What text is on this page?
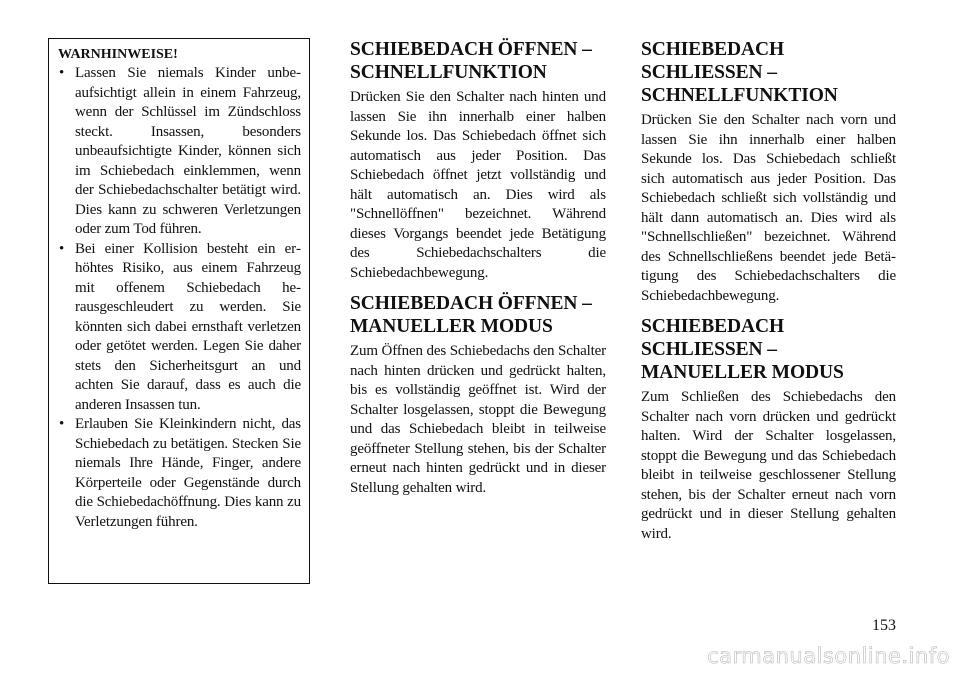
WARNHINWEISE!

• Lassen Sie niemals Kinder unbeaufsichtigt allein in einem Fahrzeug, wenn der Schlüssel im Zündschloss steckt. Insassen, besonders unbeaufsichtigte Kinder, können sich im Schiebedach einklemmen, wenn der Schiebedachschalter betätigt wird. Dies kann zu schweren Verletzungen oder zum Tod führen.
• Bei einer Kollision besteht ein erhöhtes Risiko, aus einem Fahrzeug mit offenem Schiebedach herausgeschleudert zu werden. Sie könnten sich dabei ernsthaft verletzen oder getötet werden. Legen Sie daher stets den Sicherheitsgurt an und achten Sie darauf, dass es auch die anderen Insassen tun.
• Erlauben Sie Kleinkindern nicht, das Schiebedach zu betätigen. Stecken Sie niemals Ihre Hände, Finger, andere Körperteile oder Gegenstände durch die Schiebedachöffnung. Dies kann zu Verletzungen führen.
SCHIEBEDACH ÖFFNEN – SCHNELLFUNKTION

Drücken Sie den Schalter nach hinten und lassen Sie ihn innerhalb einer halben Sekunde los. Das Schiebedach öffnet sich automatisch aus jeder Position. Das Schiebedach öffnet jetzt vollständig und hält automatisch an. Dies wird als "Schnellöffnen" bezeichnet. Während dieses Vorgangs beendet jede Betätigung des Schiebedachschalters die Schiebedachbewegung.

SCHIEBEDACH ÖFFNEN – MANUELLER MODUS

Zum Öffnen des Schiebedachs den Schalter nach hinten drücken und gedrückt halten, bis es vollständig geöffnet ist. Wird der Schalter losgelassen, stoppt die Bewegung und das Schiebedach bleibt in teilweise geöffneter Stellung stehen, bis der Schalter erneut nach hinten gedrückt und in dieser Stellung gehalten wird.

SCHIEBEDACH SCHLIESSEN – SCHNELLFUNKTION

Drücken Sie den Schalter nach vorn und lassen Sie ihn innerhalb einer halben Sekunde los. Das Schiebedach schließt sich automatisch aus jeder Position. Das Schiebedach schließt sich vollständig und hält dann automatisch an. Dies wird als "Schnellschließen" bezeichnet. Während des Schnellschließens beendet jede Betätigung des Schiebedachschalters die Schiebedachbewegung.

SCHIEBEDACH SCHLIESSEN – MANUELLER MODUS

Zum Schließen des Schiebedachs den Schalter nach vorn drücken und gedrückt halten. Wird der Schalter losgelassen, stoppt die Bewegung und das Schiebedach bleibt in teilweise geschlossener Stellung stehen, bis der Schalter erneut nach vorn gedrückt und in dieser Stellung gehalten wird.

153
carmanualsonline.info
